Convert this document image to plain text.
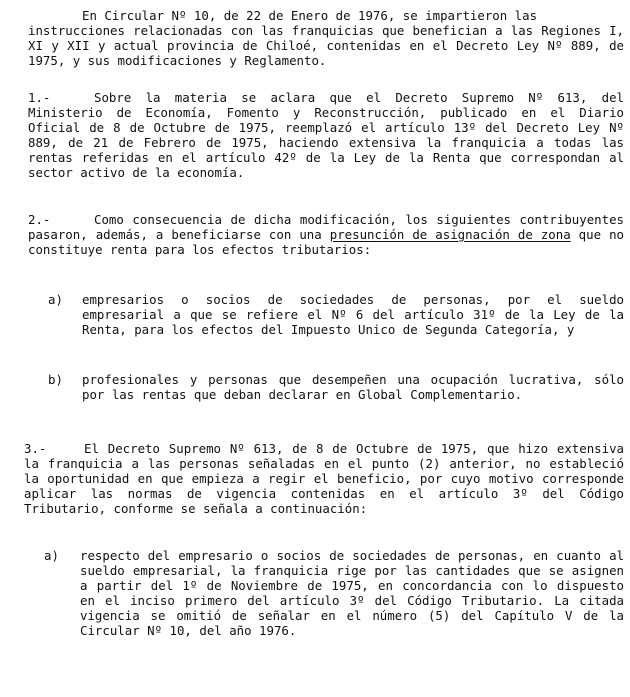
En Circular Nº 10, de 22 de Enero de 1976, se impartieron las
instrucciones relacionadas con las franquicias que benefician a las Regiones I, XI y XII y actual provincia de Chiloé, contenidas en el Decreto Ley Nº 889, de 1975, y sus modificaciones y Reglamento.
1.-	Sobre la materia se aclara que el Decreto Supremo Nº 613, del Ministerio de Economía, Fomento y Reconstrucción, publicado en el Diario Oficial de 8 de Octubre de 1975, reemplazó el artículo 13º del Decreto Ley Nº 889, de 21 de Febrero de 1975, haciendo extensiva la franquicia a todas las rentas referidas en el artículo 42º de la Ley de la Renta que correspondan al sector activo de la economía.
2.-	Como consecuencia de dicha modificación, los siguientes contribuyentes pasaron, además, a beneficiarse con una presunción de asignación de zona que no constituye renta para los efectos tributarios:
a) empresarios o socios de sociedades de personas, por el sueldo empresarial a que se refiere el Nº 6 del artículo 31º de la Ley de la Renta, para los efectos del Impuesto Unico de Segunda Categoría, y
b) profesionales y personas que desempeñen una ocupación lucrativa, sólo por las rentas que deban declarar en Global Complementario.
3.-	El Decreto Supremo Nº 613, de 8 de Octubre de 1975, que hizo extensiva la franquicia a las personas señaladas en el punto (2) anterior, no estableció la oportunidad en que empieza a regir el beneficio, por cuyo motivo corresponde aplicar las normas de vigencia contenidas en el artículo 3º del Código Tributario, conforme se señala a continuación:
a) respecto del empresario o socios de sociedades de personas, en cuanto al sueldo empresarial, la franquicia rige por las cantidades que se asignen a partir del 1º de Noviembre de 1975, en concordancia con lo dispuesto en el inciso primero del artículo 3º del Código Tributario. La citada vigencia se omitió de señalar en el número (5) del Capítulo V de la Circular Nº 10, del año 1976.
